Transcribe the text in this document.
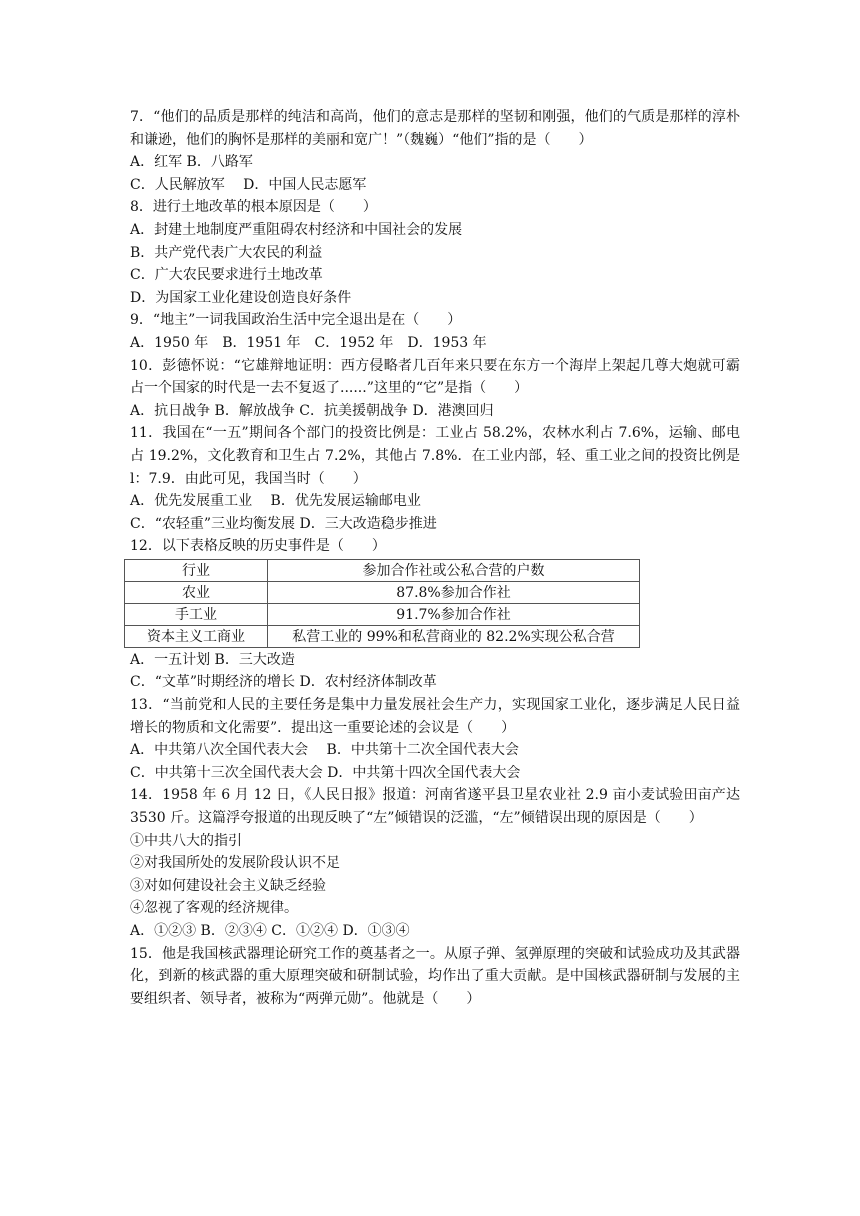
7．“他们的品质是那样的纯洁和高尚，他们的意志是那样的坚韧和刚强，他们的气质是那样的淳朴和谦逊，他们的胸怀是那样的美丽和宽广！”（魏巍）“他们”指的是（　　）
A．红军 B．八路军
C．人民解放军　 D．中国人民志愿军
8．进行土地改革的根本原因是（　　）
A．封建土地制度严重阻碍农村经济和中国社会的发展
B．共产党代表广大农民的利益
C．广大农民要求进行土地改革
D．为国家工业化建设创造良好条件
9．“地主”一词我国政治生活中完全退出是在（　　）
A．1950 年　B．1951 年　C．1952 年　D．1953 年
10．彭德怀说：“它雄辩地证明：西方侵略者几百年来只要在东方一个海岸上架起几尊大炮就可霸占一个国家的时代是一去不复返了......”这里的“它”是指（　　）
A．抗日战争 B．解放战争 C．抗美援朝战争 D．港澳回归
11．我国在“一五”期间各个部门的投资比例是：工业占 58.2%，农林水利占 7.6%，运输、邮电占 19.2%，文化教育和卫生占 7.2%，其他占 7.8%．在工业内部，轻、重工业之间的投资比例是 l：7.9．由此可见，我国当时（　　）
A．优先发展重工业　 B．优先发展运输邮电业
C．“农轻重”三业均衡发展 D．三大改造稳步推进
12．以下表格反映的历史事件是（　　）
行业	参加合作社或公私合营的户数
农业	87.8%参加合作社
手工业	91.7%参加合作社
资本主义工商业	私营工业的 99%和私营商业的 82.2%实现公私合营
A．一五计划 B．三大改造
C．“文革”时期经济的增长 D．农村经济体制改革
13．“当前党和人民的主要任务是集中力量发展社会生产力，实现国家工业化，逐步满足人民日益增长的物质和文化需要”．提出这一重要论述的会议是（　　）
A．中共第八次全国代表大会　 B．中共第十二次全国代表大会
C．中共第十三次全国代表大会 D．中共第十四次全国代表大会
14．1958 年 6 月 12 日，《人民日报》报道：河南省遂平县卫星农业社 2.9 亩小麦试验田亩产达 3530 斤。这篇浮夸报道的出现反映了“左”倾错误的泛滥，“左”倾错误出现的原因是（　　）
①中共八大的指引
②对我国所处的发展阶段认识不足
③对如何建设社会主义缺乏经验
④忽视了客观的经济规律。
A．①②③ B．②③④ C．①②④ D．①③④
15．他是我国核武器理论研究工作的奠基者之一。从原子弹、氢弹原理的突破和试验成功及其武器化，到新的核武器的重大原理突破和研制试验，均作出了重大贡献。是中国核武器研制与发展的主要组织者、领导者，被称为“两弹元勋”。他就是（　　）
